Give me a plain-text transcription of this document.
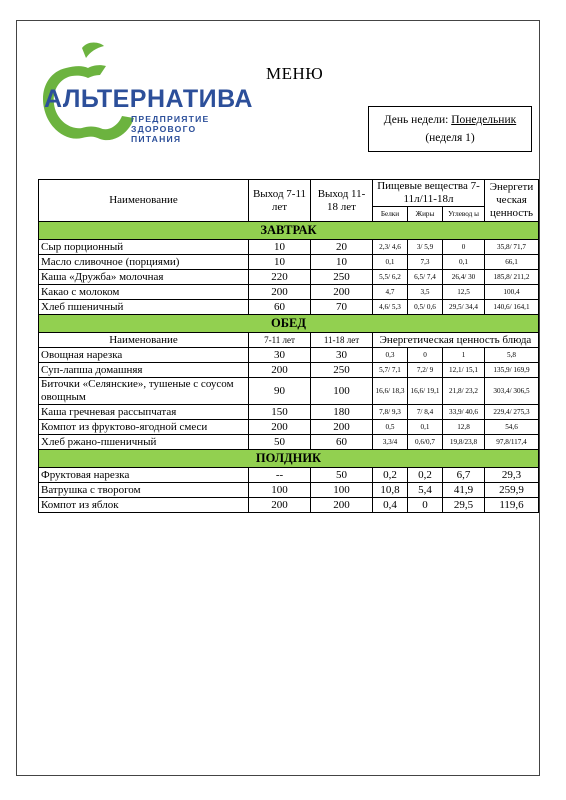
АЛЬТЕРНАТИВА
ПРЕДПРИЯТИЕ
ЗДОРОВОГО
ПИТАНИЯ
МЕНЮ
День недели: Понедельник
(неделя 1)
Наименование	Выход 7-11 лет	Выход 11-18 лет	Пищевые вещества 7-11л/11-18л			Энергети ческая ценность
			Белки	Жиры	Углевод ы	
ЗАВТРАК						
Сыр порционный	10	20	2,3/ 4,6	3/ 5,9	0	35,8/ 71,7
Масло сливочное (порциями)	10	10	0,1	7,3	0,1	66,1
Каша «Дружба» молочная	220	250	5,5/ 6,2	6,5/ 7,4	26,4/ 30	185,8/ 211,2
Какао с молоком	200	200	4,7	3,5	12,5	100,4
Хлеб пшеничный	60	70	4,6/ 5,3	0,5/ 0,6	29,5/ 34,4	140,6/ 164,1
ОБЕД						
Наименование	7-11 лет	11-18 лет	Энергетическая ценность блюда			
Овощная нарезка	30	30	0,3	0	1	5,8
Суп-лапша домашняя	200	250	5,7/ 7,1	7,2/ 9	12,1/ 15,1	135,9/ 169,9
Биточки «Селянские», тушеные с соусом овощным	90	100	16,6/ 18,3	16,6/ 19,1	21,8/ 23,2	303,4/ 306,5
Каша гречневая рассыпчатая	150	180	7,8/ 9,3	7/ 8,4	33,9/ 40,6	229,4/ 275,3
Компот из фруктово-ягодной смеси	200	200	0,5	0,1	12,8	54,6
Хлеб ржано-пшеничный	50	60	3,3/4	0,6/0,7	19,8/23,8	97,8/117,4
ПОЛДНИК						
Фруктовая нарезка	--	50	0,2	0,2	6,7	29,3
Ватрушка с творогом	100	100	10,8	5,4	41,9	259,9
Компот из яблок	200	200	0,4	0	29,5	119,6
